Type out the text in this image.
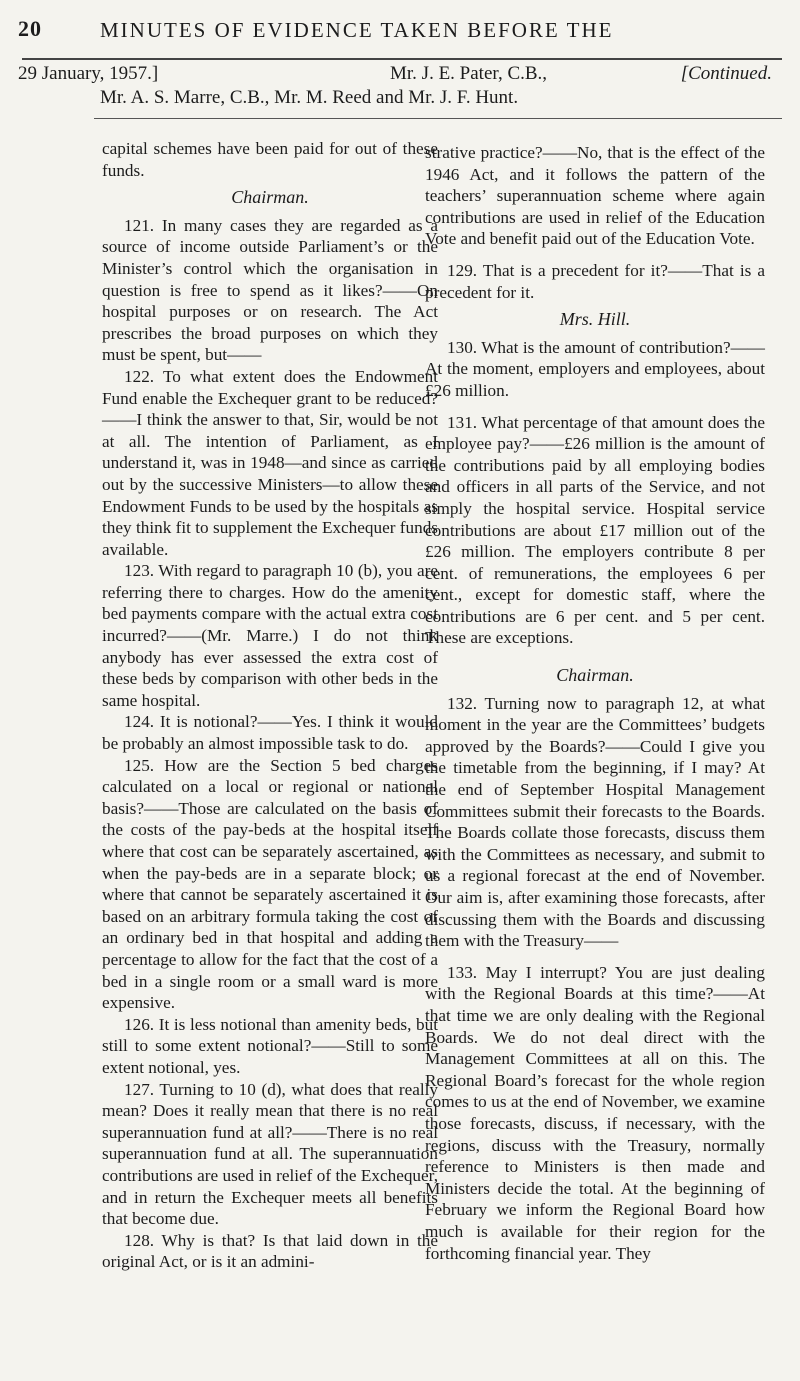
20	MINUTES OF EVIDENCE TAKEN BEFORE THE
29 January, 1957.]	Mr. J. E. Pater, C.B.,	[Continued.
Mr. A. S. Marre, C.B., Mr. M. Reed and Mr. J. F. Hunt.

capital schemes have been paid for out of these funds.

Chairman.

121. In many cases they are regarded as a source of income outside Parliament’s or the Minister’s control which the organisation in question is free to spend as it likes?——On hospital purposes or on research. The Act prescribes the broad purposes on which they must be spent, but——

122. To what extent does the Endowment Fund enable the Exchequer grant to be reduced?——I think the answer to that, Sir, would be not at all. The intention of Parliament, as I understand it, was in 1948—and since as carried out by the successive Ministers—to allow these Endowment Funds to be used by the hospitals as they think fit to supplement the Exchequer funds available.

123. With regard to paragraph 10 (b), you are referring there to charges. How do the amenity bed payments compare with the actual extra cost incurred?——(Mr. Marre.) I do not think anybody has ever assessed the extra cost of these beds by comparison with other beds in the same hospital.

124. It is notional?——Yes. I think it would be probably an almost impossible task to do.

125. How are the Section 5 bed charges calculated on a local or regional or national basis?——Those are calculated on the basis of the costs of the pay-beds at the hospital itself where that cost can be separately ascertained, as when the pay-beds are in a separate block; or where that cannot be separately ascertained it is based on an arbitrary formula taking the cost of an ordinary bed in that hospital and adding a percentage to allow for the fact that the cost of a bed in a single room or a small ward is more expensive.

126. It is less notional than amenity beds, but still to some extent notional?——Still to some extent notional, yes.

127. Turning to 10 (d), what does that really mean? Does it really mean that there is no real superannuation fund at all?——There is no real superannuation fund at all. The superannuation contributions are used in relief of the Exchequer, and in return the Exchequer meets all benefits that become due.

128. Why is that? Is that laid down in the original Act, or is it an admini-

strative practice?——No, that is the effect of the 1946 Act, and it follows the pattern of the teachers’ superannuation scheme where again contributions are used in relief of the Education Vote and benefit paid out of the Education Vote.

129. That is a precedent for it?——That is a precedent for it.

Mrs. Hill.

130. What is the amount of contribution?——At the moment, employers and employees, about £26 million.

131. What percentage of that amount does the employee pay?——£26 million is the amount of the contributions paid by all employing bodies and officers in all parts of the Service, and not simply the hospital service. Hospital service contributions are about £17 million out of the £26 million. The employers contribute 8 per cent. of remunerations, the employees 6 per cent., except for domestic staff, where the contributions are 6 per cent. and 5 per cent. These are exceptions.

Chairman.

132. Turning now to paragraph 12, at what moment in the year are the Committees’ budgets approved by the Boards?——Could I give you the timetable from the beginning, if I may? At the end of September Hospital Management Committees submit their forecasts to the Boards. The Boards collate those forecasts, discuss them with the Committees as necessary, and submit to us a regional forecast at the end of November. Our aim is, after examining those forecasts, after discussing them with the Boards and discussing them with the Treasury——

133. May I interrupt? You are just dealing with the Regional Boards at this time?——At that time we are only dealing with the Regional Boards. We do not deal direct with the Management Committees at all on this. The Regional Board’s forecast for the whole region comes to us at the end of November, we examine those forecasts, discuss, if necessary, with the regions, discuss with the Treasury, normally reference to Ministers is then made and Ministers decide the total. At the beginning of February we inform the Regional Board how much is available for their region for the forthcoming financial year. They
